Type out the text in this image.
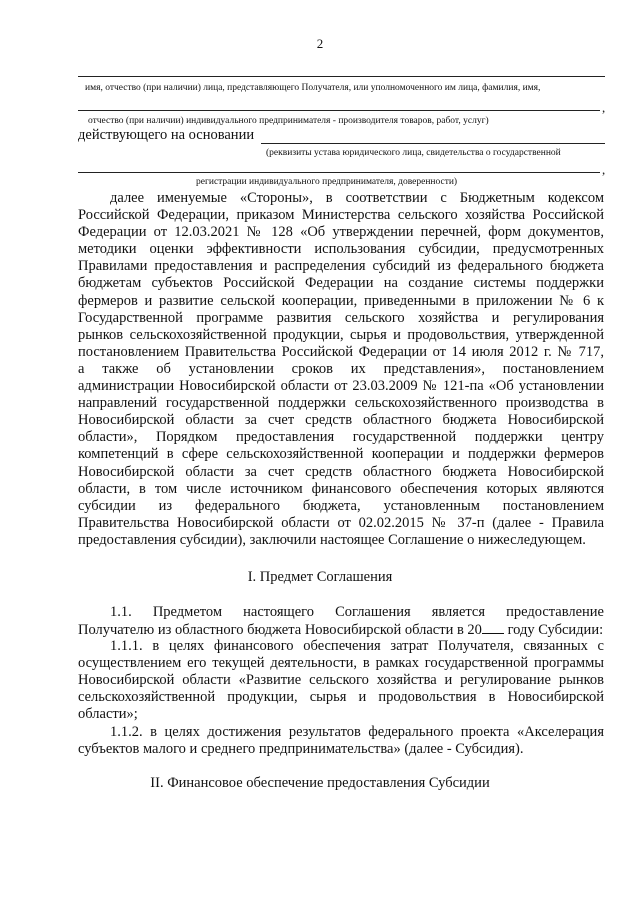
2
имя, отчество (при наличии) лица, представляющего Получателя, или уполномоченного им лица, фамилия, имя,
,
отчество (при наличии) индивидуального предпринимателя - производителя товаров, работ, услуг)
действующего на основании
(реквизиты устава юридического лица, свидетельства о государственной
,
регистрации индивидуального предпринимателя, доверенности)
далее именуемые «Стороны», в соответствии с Бюджетным кодексом
Российской Федерации, приказом Министерства сельского хозяйства Российской
Федерации от 12.03.2021 № 128 «Об утверждении перечней, форм документов,
методики оценки эффективности использования субсидии, предусмотренных
Правилами предоставления и распределения субсидий из федерального бюджета
бюджетам субъектов Российской Федерации на создание системы поддержки
фермеров и развитие сельской кооперации, приведенными в приложении № 6 к
Государственной программе развития сельского хозяйства и регулирования
рынков сельскохозяйственной продукции, сырья и продовольствия, утвержденной
постановлением Правительства Российской Федерации от 14 июля 2012 г. № 717,
а также об установлении сроков их представления», постановлением
администрации Новосибирской области от 23.03.2009 № 121-па «Об установлении
направлений государственной поддержки сельскохозяйственного производства в
Новосибирской области за счет средств областного бюджета Новосибирской
области», Порядком предоставления государственной поддержки центру
компетенций в сфере сельскохозяйственной кооперации и поддержки фермеров
Новосибирской области за счет средств областного бюджета Новосибирской
области, в том числе источником финансового обеспечения которых являются
субсидии из федерального бюджета, установленным постановлением
Правительства Новосибирской области от 02.02.2015 № 37-п (далее - Правила
предоставления субсидии), заключили настоящее Соглашение о нижеследующем.
I. Предмет Соглашения
1.1. Предметом настоящего Соглашения является предоставление
Получателю из областного бюджета Новосибирской области в 20 году Субсидии:
1.1.1. в целях финансового обеспечения затрат Получателя, связанных с
осуществлением его текущей деятельности, в рамках государственной программы
Новосибирской области «Развитие сельского хозяйства и регулирование рынков
сельскохозяйственной продукции, сырья и продовольствия в Новосибирской
области»;
1.1.2. в целях достижения результатов федерального проекта «Акселерация
субъектов малого и среднего предпринимательства» (далее - Субсидия).
II. Финансовое обеспечение предоставления Субсидии
